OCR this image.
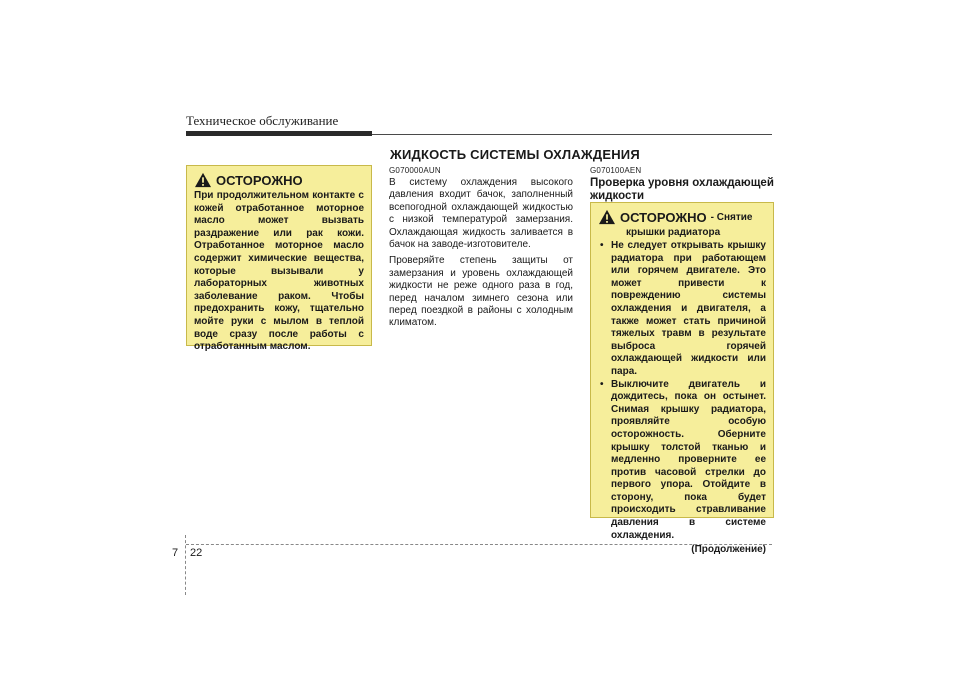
Техническое обслуживание
ЖИДКОСТЬ СИСТЕМЫ ОХЛАЖДЕНИЯ
ОСТОРОЖНО
При продолжительном контакте с кожей отработанное моторное масло может вызвать раздражение или рак кожи. Отработанное моторное масло содержит химические вещества, которые вызывали у лабораторных животных заболевание раком. Чтобы предохранить кожу, тщательно мойте руки с мылом в теплой воде сразу после работы с отработанным маслом.
G070000AUN

В систему охлаждения высокого давления входит бачок, заполненный всепогодной охлаждающей жидкостью с низкой температурой замерзания. Охлаждающая жидкость заливается в бачок на заводе-изготовителе.

Проверяйте степень защиты от замерзания и уровень охлаждающей жидкости не реже одного раза в год, перед началом зимнего сезона или перед поездкой в районы с холодным климатом.

G070100AEN
Проверка уровня охлаждающей жидкости
ОСТОРОЖНО - Снятие
крышки радиатора
• Не следует открывать крышку радиатора при работающем или горячем двигателе. Это может привести к повреждению системы охлаждения и двигателя, а также может стать причиной тяжелых травм в результате выброса горячей охлаждающей жидкости или пара.
• Выключите двигатель и дождитесь, пока он остынет. Снимая крышку радиатора, проявляйте особую осторожность. Оберните крышку толстой тканью и медленно проверните ее против часовой стрелки до первого упора. Отойдите в сторону, пока будет происходить стравливание давления в системе охлаждения.
(Продолжение)
7 22
